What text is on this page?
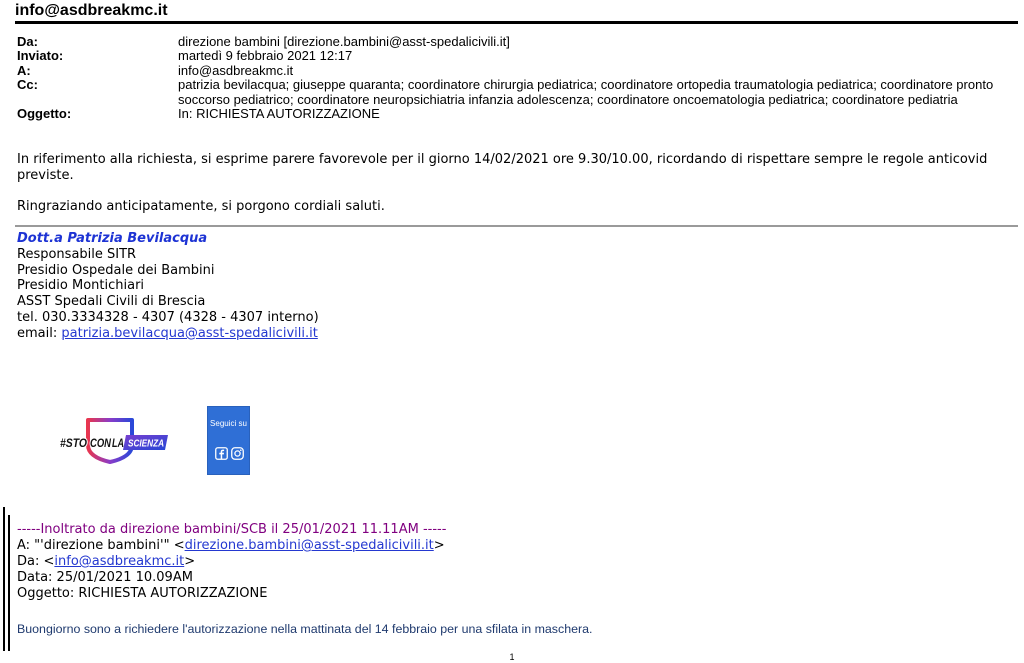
info@asdbreakmc.it
Da:	direzione bambini [direzione.bambini@asst-spedalicivili.it]
Inviato:	martedì 9 febbraio 2021 12:17
A:	info@asdbreakmc.it
Cc:	patrizia bevilacqua; giuseppe quaranta; coordinatore chirurgia pediatrica; coordinatore ortopedia traumatologia pediatrica; coordinatore pronto soccorso pediatrico; coordinatore neuropsichiatria infanzia adolescenza; coordinatore oncoematologia pediatrica; coordinatore pediatria
Oggetto:	In: RICHIESTA AUTORIZZAZIONE

In riferimento alla richiesta, si esprime parere favorevole per il giorno 14/02/2021 ore 9.30/10.00, ricordando di rispettare sempre le regole anticovid previste.

Ringraziando anticipatamente, si porgono cordiali saluti.

Dott.a Patrizia Bevilacqua
Responsabile SITR
Presidio Ospedale dei Bambini
Presidio Montichiari
ASST Spedali Civili di Brescia
tel. 030.3334328 - 4307 (4328 - 4307 interno)
email: patrizia.bevilacqua@asst-spedalicivili.it
#STO CON LA SCIENZA
Seguici su
-----Inoltrato da direzione bambini/SCB il 25/01/2021 11.11AM -----
A: "'direzione bambini'" <direzione.bambini@asst-spedalicivili.it>
Da: <info@asdbreakmc.it>
Data: 25/01/2021 10.09AM
Oggetto: RICHIESTA AUTORIZZAZIONE
Buongiorno sono a richiedere l'autorizzazione nella mattinata del 14 febbraio per una sfilata in maschera.
1
